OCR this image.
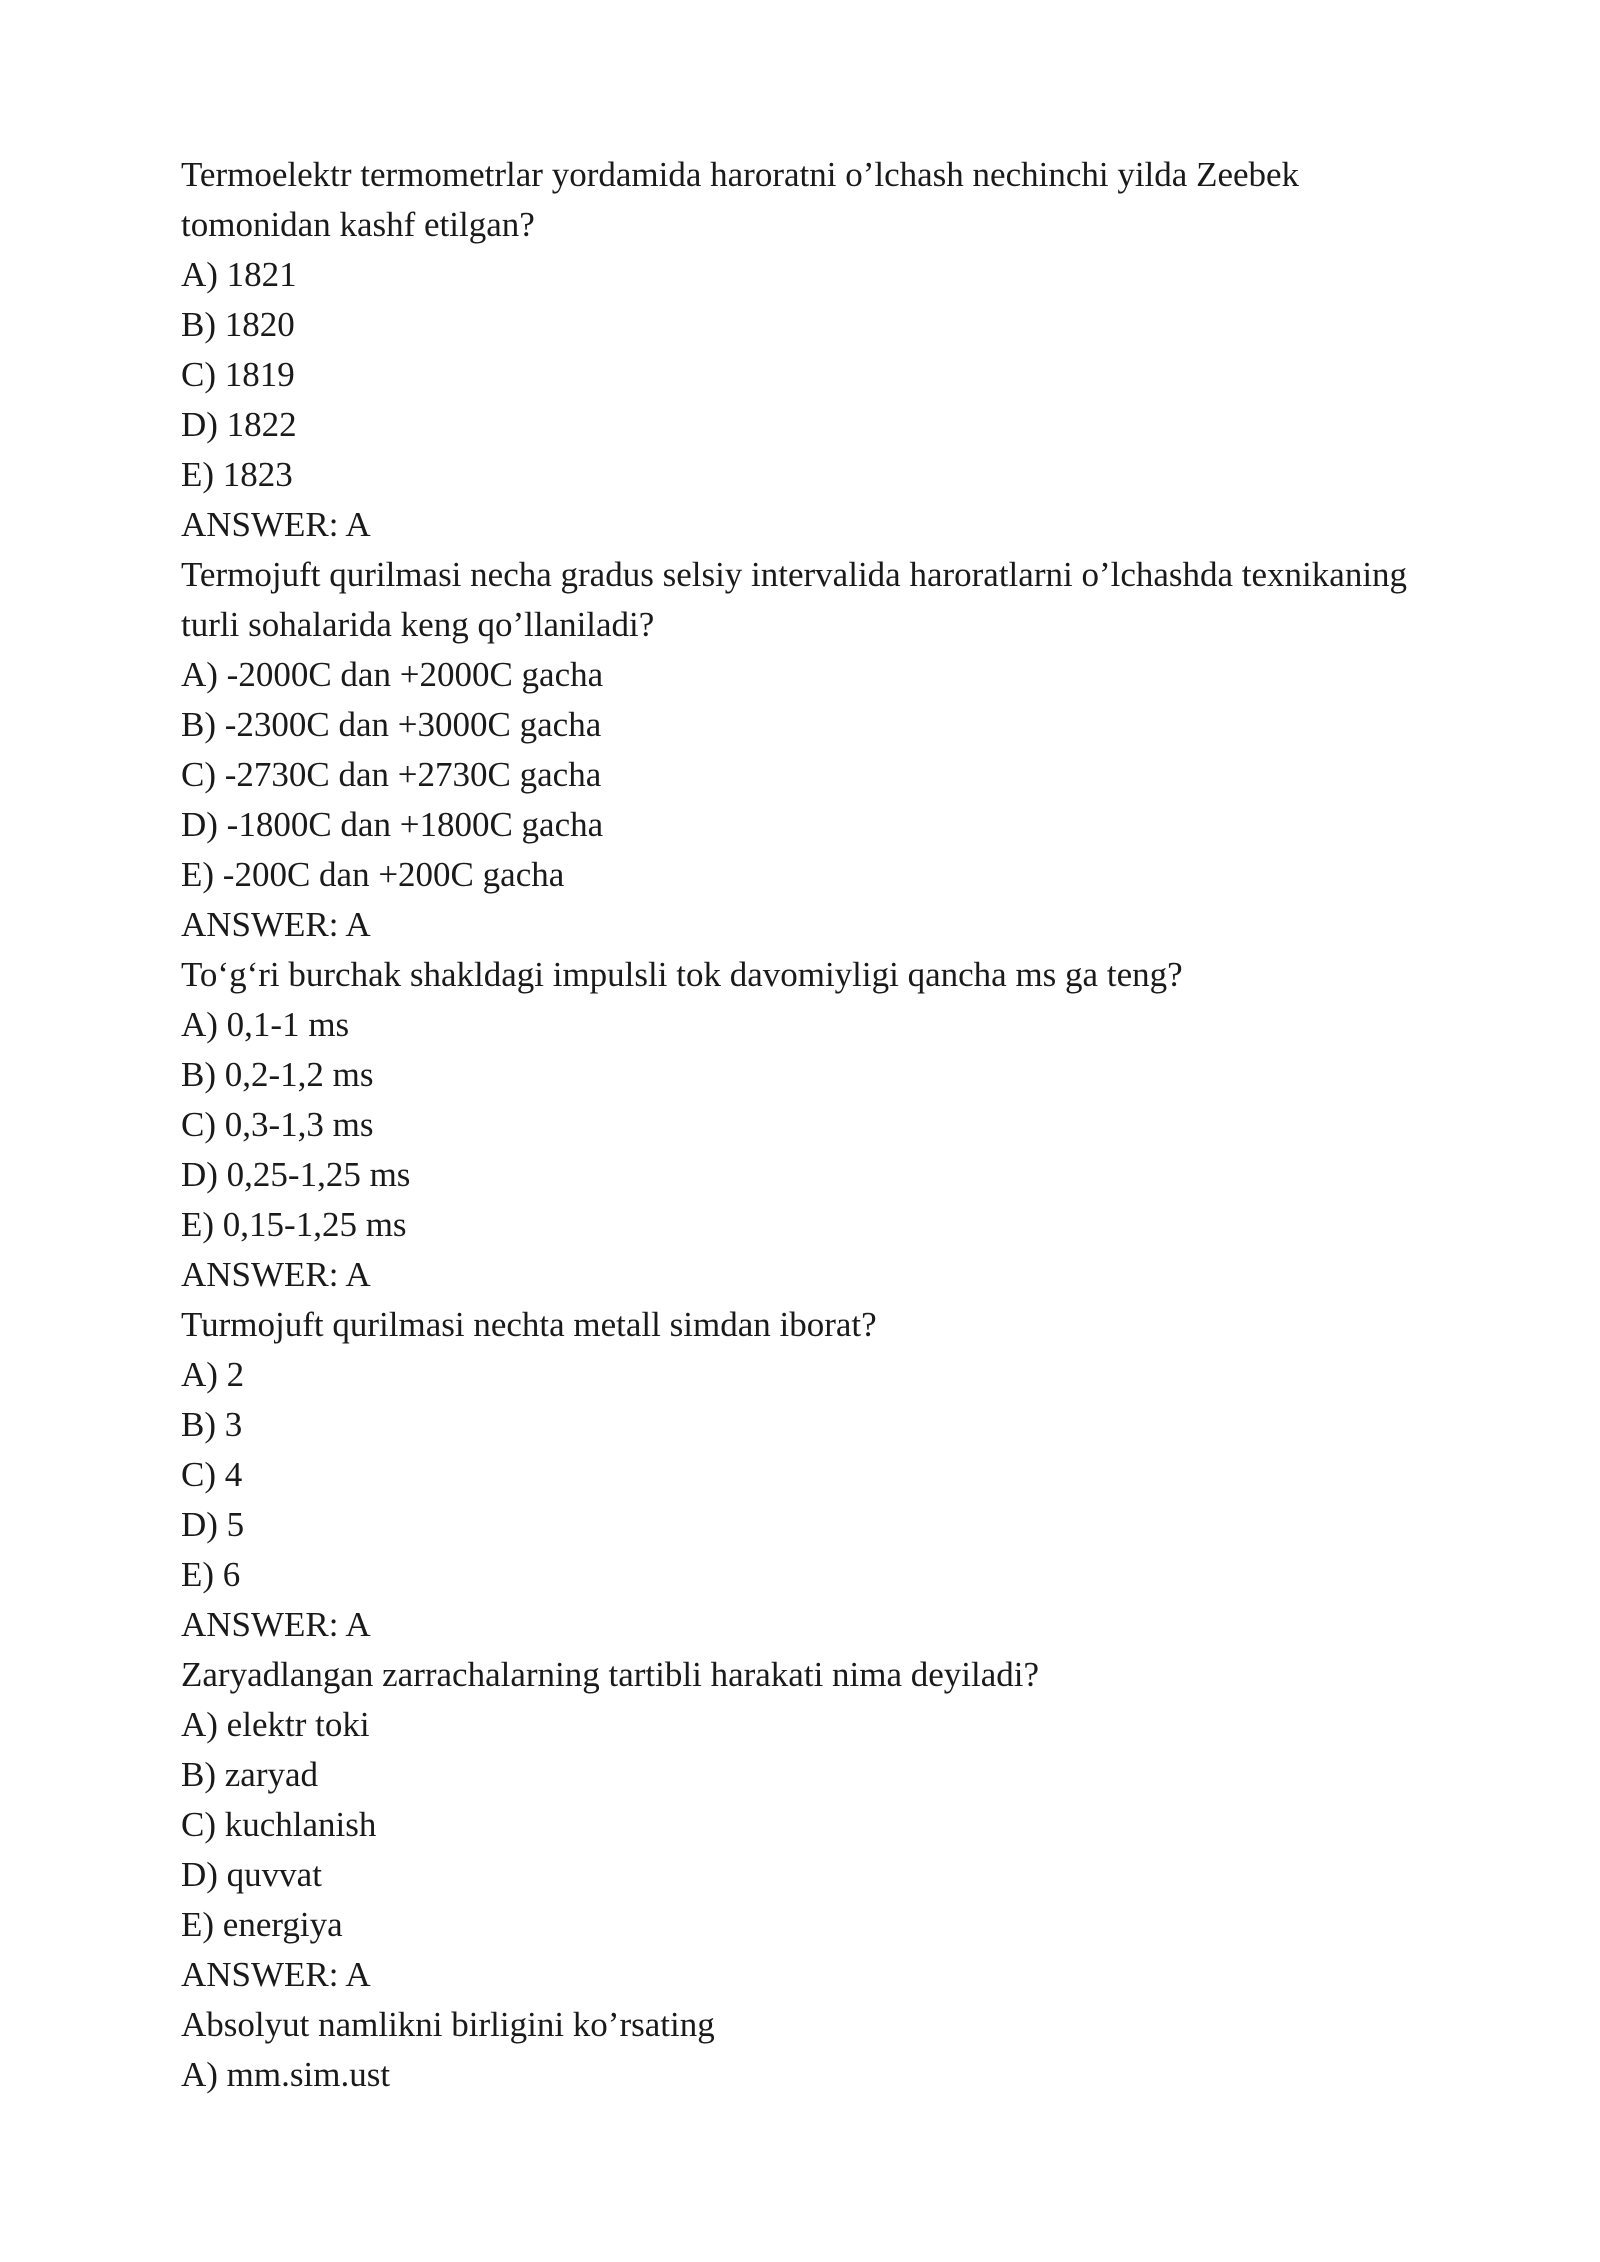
Termoelektr termometrlar yordamida haroratni o’lchash nechinchi yilda Zeebek tomonidan kashf etilgan?
A) 1821
B) 1820
C) 1819
D) 1822
E) 1823
ANSWER: A
Termojuft qurilmasi necha gradus selsiy intervalida haroratlarni o’lchashda texnikaning turli sohalarida keng qo’llaniladi?
A) -2000C dan +2000C gacha
B) -2300C dan +3000C gacha
C) -2730C dan +2730C gacha
D) -1800C dan +1800C gacha
E) -200C dan +200C gacha
ANSWER: A
To‘g‘ri burchak shakldagi impulsli tok davomiyligi qancha ms ga teng?
A) 0,1-1 ms
B) 0,2-1,2 ms
C) 0,3-1,3 ms
D) 0,25-1,25 ms
E) 0,15-1,25 ms
ANSWER: A
Turmojuft qurilmasi nechta metall simdan iborat?
A) 2
B) 3
C) 4
D) 5
E) 6
ANSWER: A
Zaryadlangan zarrachalarning tartibli harakati nima deyiladi?
A) elektr toki
B) zaryad
C) kuchlanish
D) quvvat
E) energiya
ANSWER: A
Absolyut namlikni birligini ko’rsating
A) mm.sim.ust
